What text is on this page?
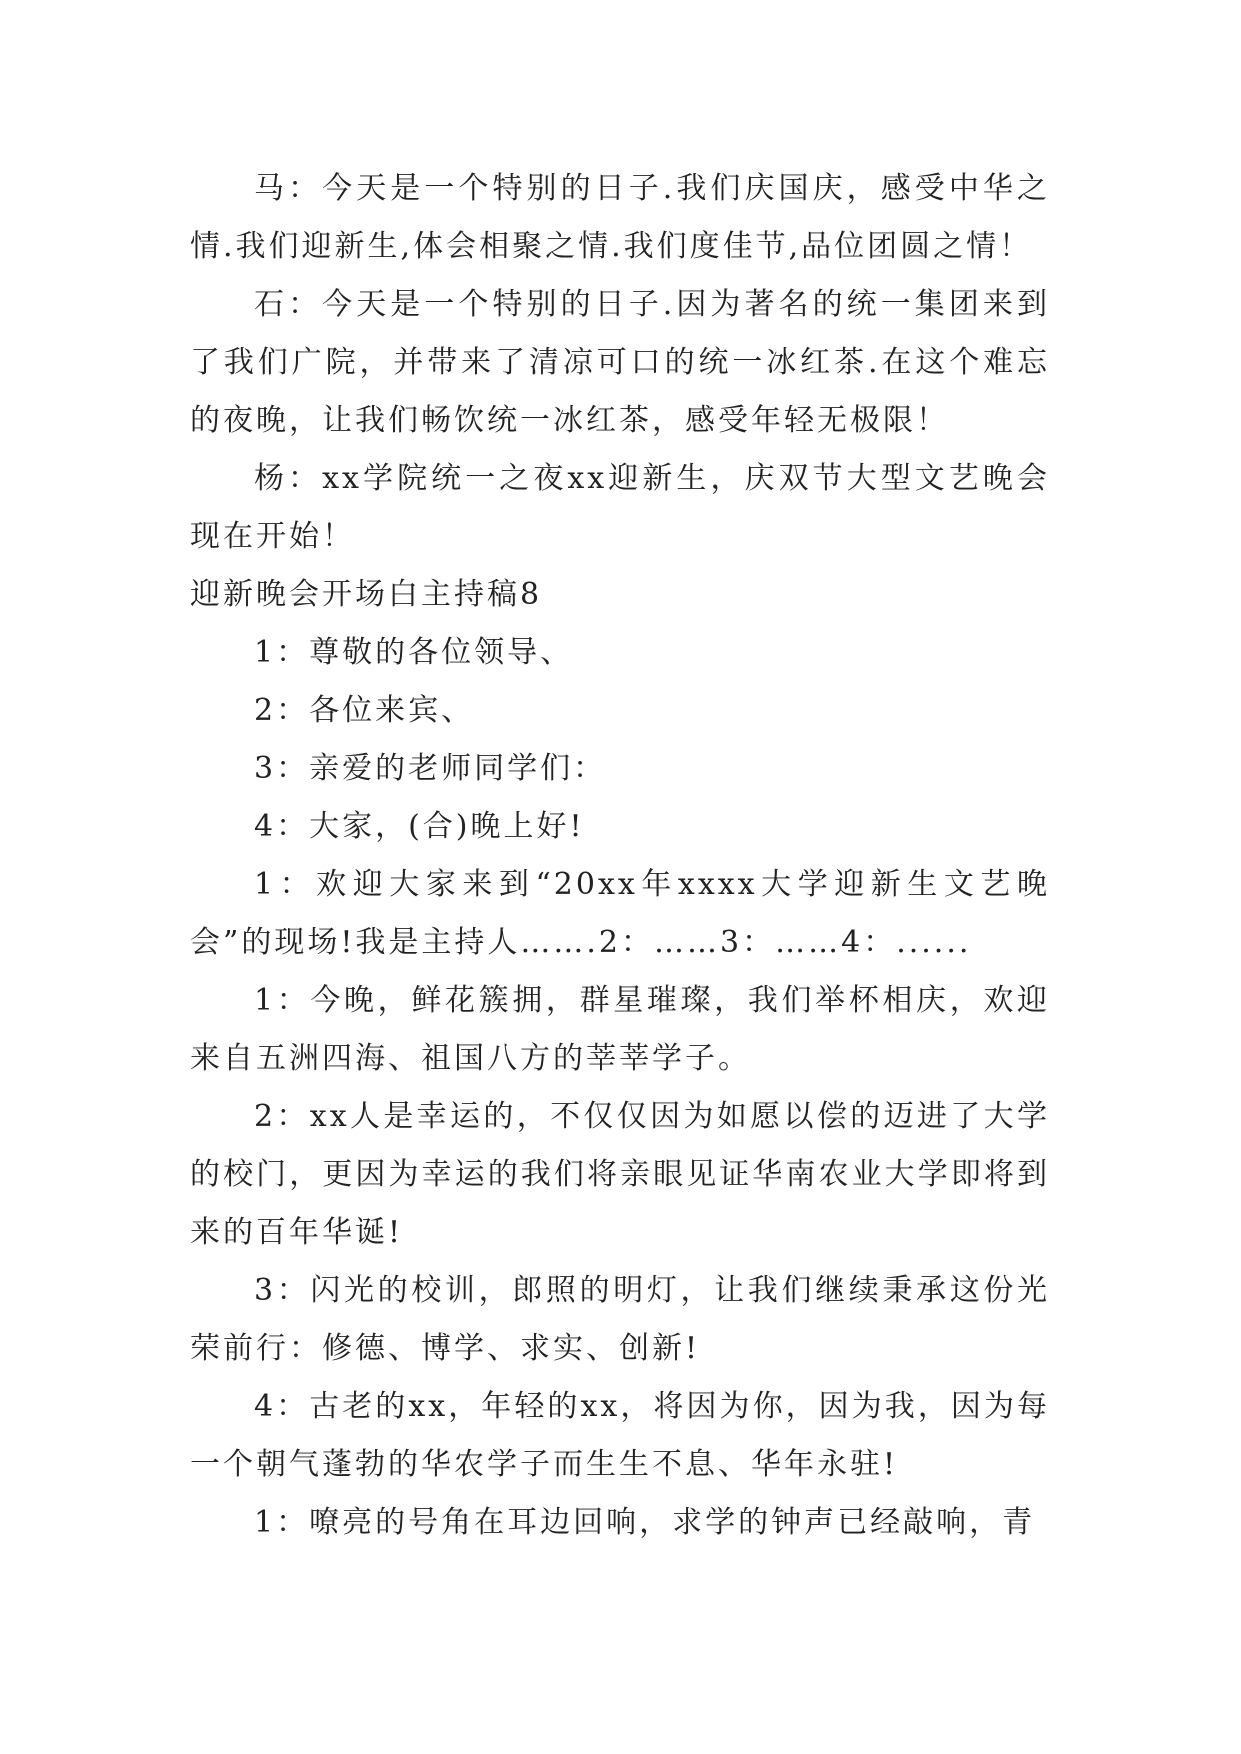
马：今天是一个特别的日子.我们庆国庆，感受中华之情.我们迎新生,体会相聚之情.我们度佳节,品位团圆之情！

石：今天是一个特别的日子.因为著名的统一集团来到了我们广院，并带来了清凉可口的统一冰红茶.在这个难忘的夜晚，让我们畅饮统一冰红茶，感受年轻无极限！

杨：xx学院统一之夜xx迎新生，庆双节大型文艺晚会现在开始！

迎新晚会开场白主持稿8

1：尊敬的各位领导、

2：各位来宾、

3：亲爱的老师同学们：

4：大家，(合)晚上好!

1：欢迎大家来到“20xx年xxxx大学迎新生文艺晚会”的现场!我是主持人…….2：……3：……4：......

1：今晚，鲜花簇拥，群星璀璨，我们举杯相庆，欢迎来自五洲四海、祖国八方的莘莘学子。

2：xx人是幸运的，不仅仅因为如愿以偿的迈进了大学的校门，更因为幸运的我们将亲眼见证华南农业大学即将到来的百年华诞!

3：闪光的校训，郎照的明灯，让我们继续秉承这份光荣前行：修德、博学、求实、创新!

4：古老的xx，年轻的xx，将因为你，因为我，因为每一个朝气蓬勃的华农学子而生生不息、华年永驻!

1：嘹亮的号角在耳边回响，求学的钟声已经敲响，青
